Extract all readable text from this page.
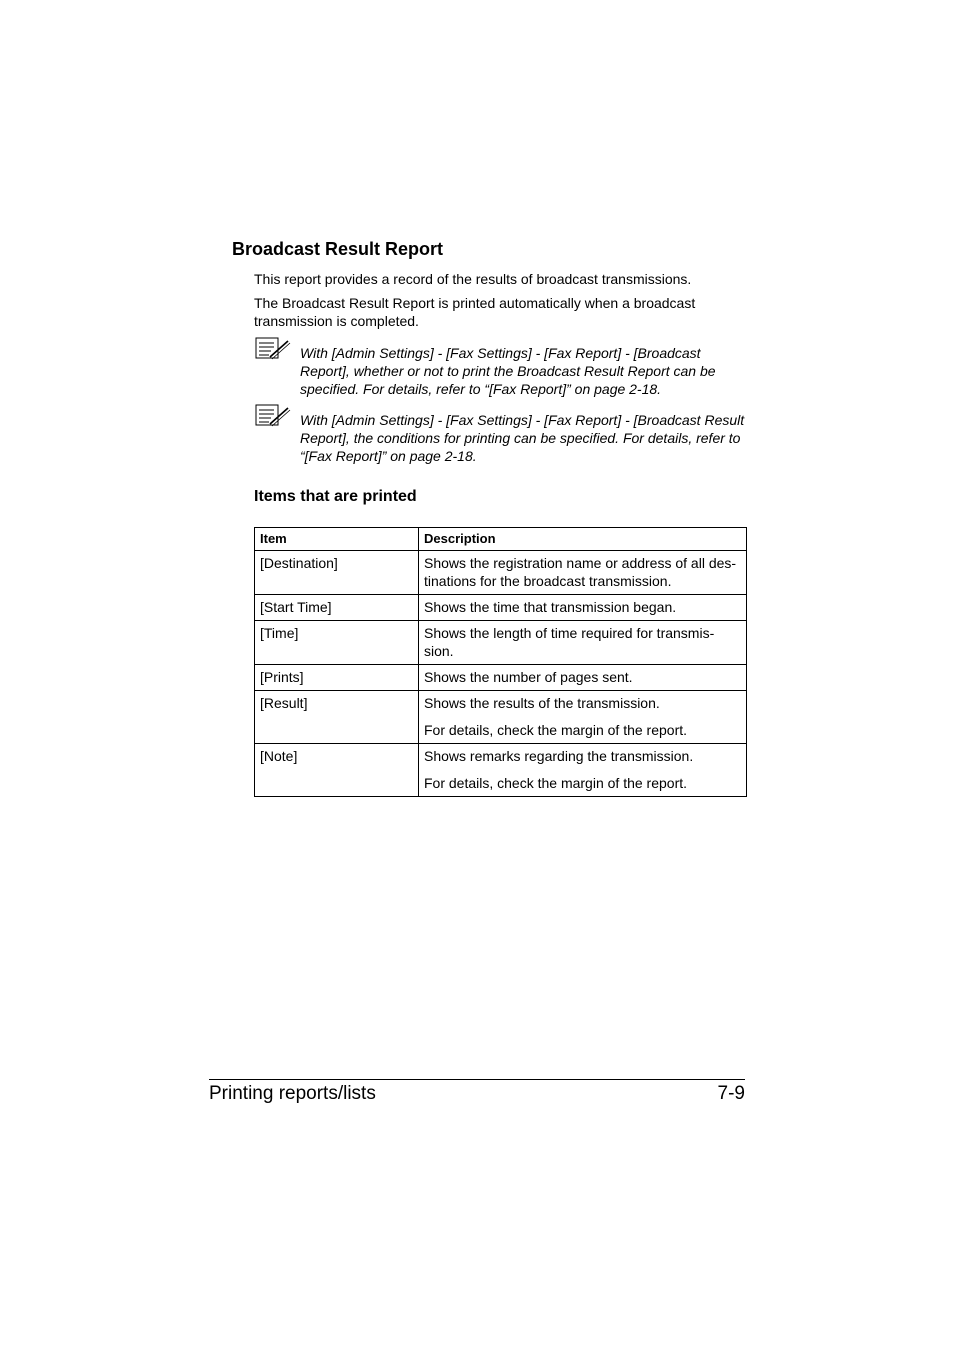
Broadcast Result Report

This report provides a record of the results of broadcast transmissions.

The Broadcast Result Report is printed automatically when a broadcast transmission is completed.

With [Admin Settings] - [Fax Settings] - [Fax Report] - [Broadcast Report], whether or not to print the Broadcast Result Report can be specified. For details, refer to “[Fax Report]” on page 2-18.

With [Admin Settings] - [Fax Settings] - [Fax Report] - [Broadcast Result Report], the conditions for printing can be specified. For details, refer to “[Fax Report]” on page 2-18.

Items that are printed
Item	Description
[Destination]	Shows the registration name or address of all des-tinations for the broadcast transmission.

[Start Time]	Shows the time that transmission began.

[Time]	Shows the length of time required for transmis-sion.

[Prints]	Shows the number of pages sent.

[Result]	Shows the results of the transmission.

For details, check the margin of the report.

[Note]	Shows remarks regarding the transmission.

For details, check the margin of the report.

Printing reports/lists	7-9
